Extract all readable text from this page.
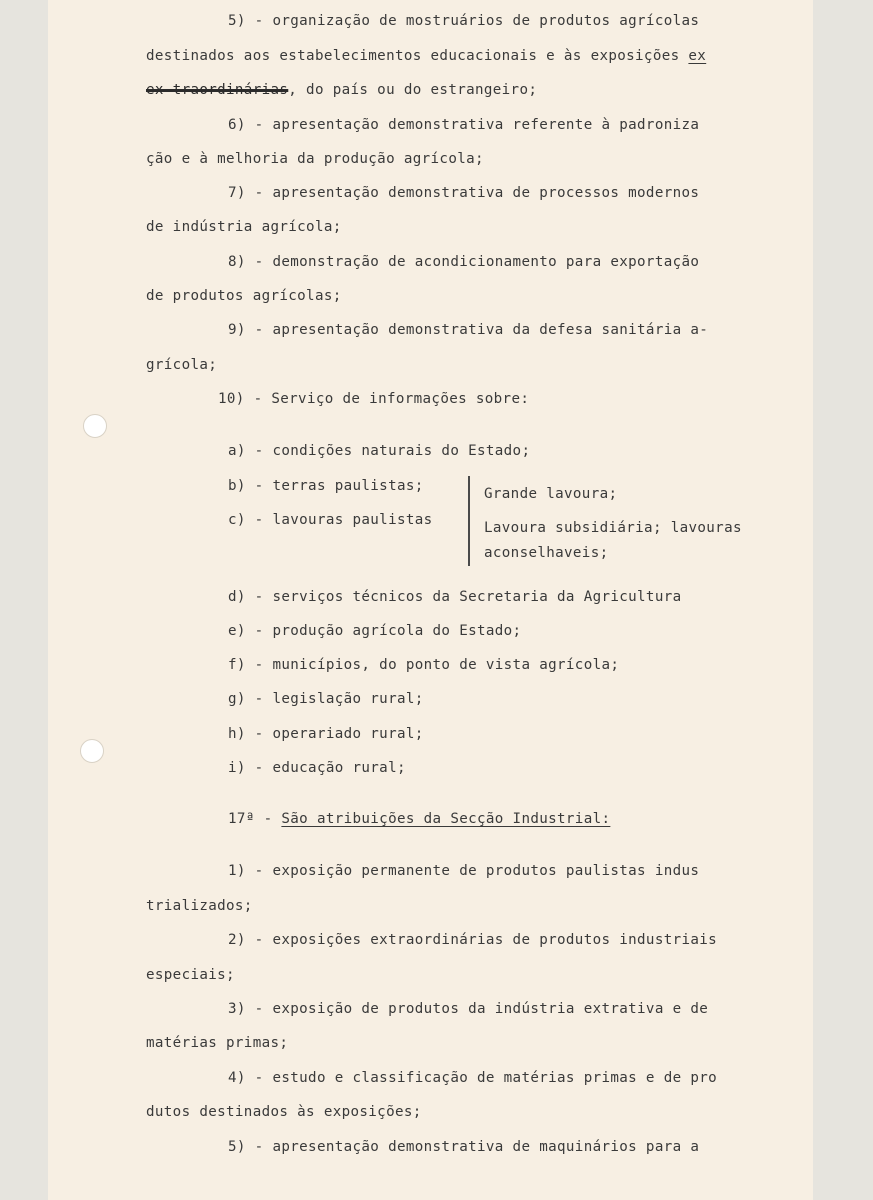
5) - organização de mostruários de produtos agrícolas
destinados aos estabelecimentos educacionais e às exposições ex
ex traordinárias, do país ou do estrangeiro;
6) - apresentação demonstrativa referente à padroniza
ção e à melhoria da produção agrícola;
7) - apresentação demonstrativa de processos modernos
de indústria agrícola;
8) - demonstração de acondicionamento para exportação
de produtos agrícolas;
9) - apresentação demonstrativa da defesa sanitária a-
grícola;
10) - Serviço de informações sobre:
a) - condições naturais do Estado;
b) - terras paulistas;
c) - lavouras paulistas
Grande lavoura;
Lavoura subsidiária; lavouras
aconselhaveis;
d) - serviços técnicos da Secretaria da Agricultura
e) - produção agrícola do Estado;
f) - municípios, do ponto de vista agrícola;
g) - legislação rural;
h) - operariado rural;
i) - educação rural;
17ª - São atribuições da Secção Industrial:
1) - exposição permanente de produtos paulistas indus
trializados;
2) - exposições extraordinárias de produtos industriais
especiais;
3) - exposição de produtos da indústria extrativa e de
matérias primas;
4) - estudo e classificação de matérias primas e de pro
dutos destinados às exposições;
5) - apresentação demonstrativa de maquinários para a
